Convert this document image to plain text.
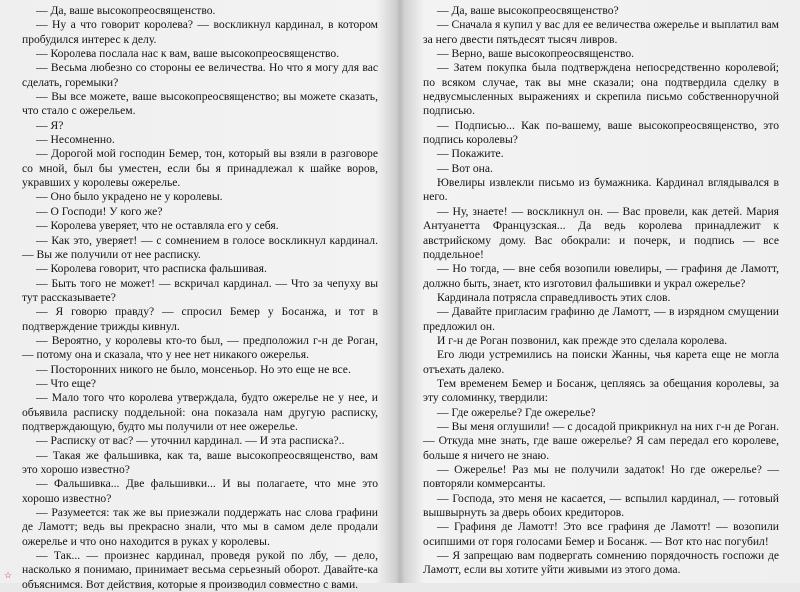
— Да, ваше высокопреосвященство.

— Ну а что говорит королева? — воскликнул кардинал, в котором пробудился интерес к делу.

— Королева послала нас к вам, ваше высокопреосвященство.

— Весьма любезно со стороны ее величества. Но что я могу для вас сделать, горемыки?

— Вы все можете, ваше высокопреосвященство; вы можете сказать, что стало с ожерельем.

— Я?

— Несомненно.

— Дорогой мой господин Бемер, тон, который вы взяли в разговоре со мной, был бы уместен, если бы я принадлежал к шайке воров, укравших у королевы ожерелье.

— Оно было украдено не у королевы.

— О Господи! У кого же?

— Королева уверяет, что не оставляла его у себя.

— Как это, уверяет! — с сомнением в голосе воскликнул кардинал. — Вы же получили от нее расписку.

— Королева говорит, что расписка фальшивая.

— Быть того не может! — вскричал кардинал. — Что за чепуху вы тут рассказываете?

— Я говорю правду? — спросил Бемер у Босанжа, и тот в подтверждение трижды кивнул.

— Вероятно, у королевы кто-то был, — предположил г-н де Роган, — потому она и сказала, что у нее нет никакого ожерелья.

— Посторонних никого не было, монсеньор. Но это еще не все.

— Что еще?

— Мало того что королева утверждала, будто ожерелье не у нее, и объявила расписку поддельной: она показала нам другую расписку, подтверждающую, будто мы получили от нее ожерелье.

— Расписку от вас? — уточнил кардинал. — И эта расписка?..

— Такая же фальшивка, как та, ваше высокопреосвященство, вам это хорошо известно?

— Фальшивка... Две фальшивки... И вы полагаете, что мне это хорошо известно?

— Разумеется: так же вы приезжали поддержать нас слова графини де Ламотт; ведь вы прекрасно знали, что мы в самом деле продали ожерелье и что оно находится в руках у королевы.

— Так... — произнес кардинал, проведя рукой по лбу, — дело, насколько я понимаю, принимает весьма серьезный оборот. Давайте-ка объяснимся. Вот действия, которые я производил совместно с вами.

— Да, ваше высокопреосвященство?

— Сначала я купил у вас для ее величества ожерелье и выплатил вам за него двести пятьдесят тысяч ливров.

— Верно, ваше высокопреосвященство.

— Затем покупка была подтверждена непосредственно королевой; по всяком случае, так вы мне сказали; она подтвердила сделку в недвусмысленных выражениях и скрепила письмо собственноручной подписью.

— Подписью... Как по-вашему, ваше высокопреосвященство, это подпись королевы?

— Покажите.

— Вот она.

Ювелиры извлекли письмо из бумажника. Кардинал вглядывался в него.

— Ну, знаете! — воскликнул он. — Вас провели, как детей. Мария Антуанетта Французская... Да ведь королева принадлежит к австрийскому дому. Вас обокрали: и почерк, и подпись — все поддельное!

— Но тогда, — вне себя возопили ювелиры, — графиня де Ламотт, должно быть, знает, кто изготовил фальшивки и украл ожерелье?

Кардинала потрясла справедливость этих слов.

— Давайте пригласим графиню де Ламотт, — в изрядном смущении предложил он.

И г-н де Роган позвонил, как прежде это сделала королева.

Его люди устремились на поиски Жанны, чья карета еще не могла отъехать далеко.

Тем временем Бемер и Босанж, цепляясь за обещания королевы, за эту соломинку, твердили:

— Где ожерелье? Где ожерелье?

— Вы меня оглушили! — с досадой прикрикнул на них г-н де Роган. — Откуда мне знать, где ваше ожерелье? Я сам передал его королеве, больше я ничего не знаю.

— Ожерелье! Раз мы не получили задаток! Но где ожерелье? — повторяли коммерсанты.

— Господа, это меня не касается, — вспылил кардинал, — готовый вышвырнуть за дверь обоих кредиторов.

— Графиня де Ламотт! Это все графиня де Ламотт! — возопили осипшими от горя голосами Бемер и Босанж. — Вот кто нас погубил!

— Я запрещаю вам подвергать сомнению порядочность госпожи де Ламотт, если вы хотите уйти живыми из этого дома.

☆
